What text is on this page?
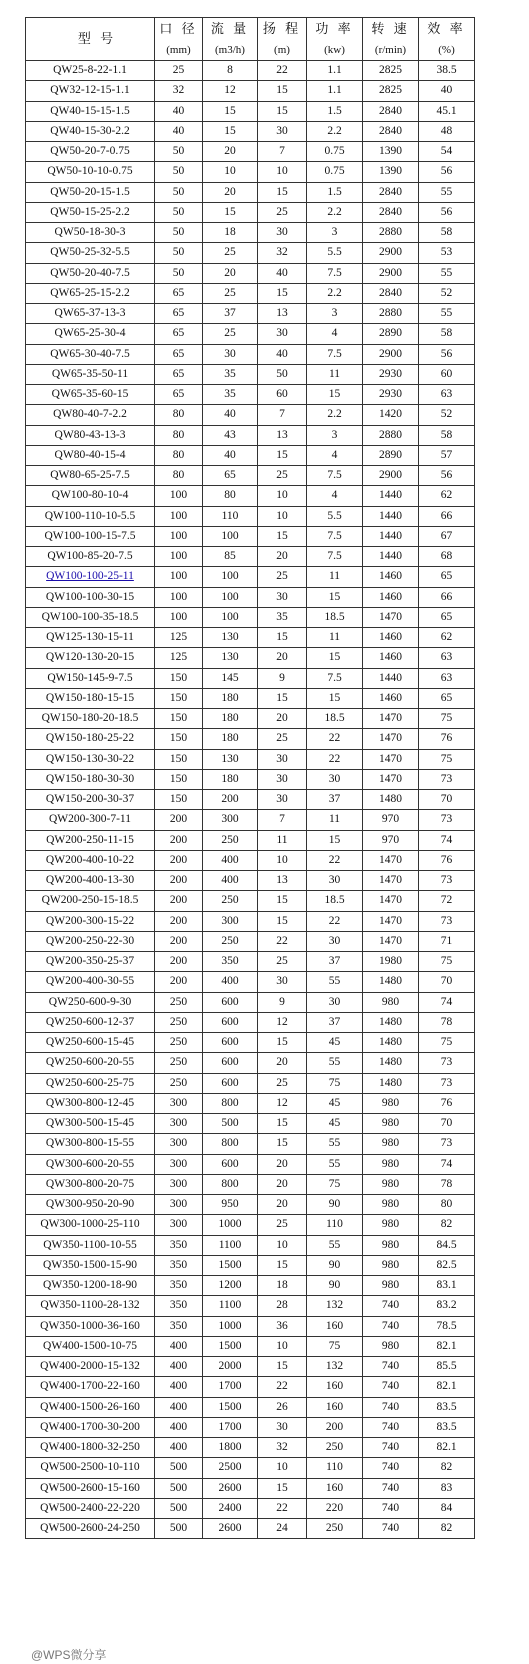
型 号	口 径	流 量	扬 程	功 率	转 速	效 率
	(mm)	(m3/h)	(m)	(kw)	(r/min)	(%)
QW25-8-22-1.1	25	8	22	1.1	2825	38.5
QW32-12-15-1.1	32	12	15	1.1	2825	40
QW40-15-15-1.5	40	15	15	1.5	2840	45.1
QW40-15-30-2.2	40	15	30	2.2	2840	48
QW50-20-7-0.75	50	20	7	0.75	1390	54
QW50-10-10-0.75	50	10	10	0.75	1390	56
QW50-20-15-1.5	50	20	15	1.5	2840	55
QW50-15-25-2.2	50	15	25	2.2	2840	56
QW50-18-30-3	50	18	30	3	2880	58
QW50-25-32-5.5	50	25	32	5.5	2900	53
QW50-20-40-7.5	50	20	40	7.5	2900	55
QW65-25-15-2.2	65	25	15	2.2	2840	52
QW65-37-13-3	65	37	13	3	2880	55
QW65-25-30-4	65	25	30	4	2890	58
QW65-30-40-7.5	65	30	40	7.5	2900	56
QW65-35-50-11	65	35	50	11	2930	60
QW65-35-60-15	65	35	60	15	2930	63
QW80-40-7-2.2	80	40	7	2.2	1420	52
QW80-43-13-3	80	43	13	3	2880	58
QW80-40-15-4	80	40	15	4	2890	57
QW80-65-25-7.5	80	65	25	7.5	2900	56
QW100-80-10-4	100	80	10	4	1440	62
QW100-110-10-5.5	100	110	10	5.5	1440	66
QW100-100-15-7.5	100	100	15	7.5	1440	67
QW100-85-20-7.5	100	85	20	7.5	1440	68
QW100-100-25-11	100	100	25	11	1460	65
QW100-100-30-15	100	100	30	15	1460	66
QW100-100-35-18.5	100	100	35	18.5	1470	65
QW125-130-15-11	125	130	15	11	1460	62
QW120-130-20-15	125	130	20	15	1460	63
QW150-145-9-7.5	150	145	9	7.5	1440	63
QW150-180-15-15	150	180	15	15	1460	65
QW150-180-20-18.5	150	180	20	18.5	1470	75
QW150-180-25-22	150	180	25	22	1470	76
QW150-130-30-22	150	130	30	22	1470	75
QW150-180-30-30	150	180	30	30	1470	73
QW150-200-30-37	150	200	30	37	1480	70
QW200-300-7-11	200	300	7	11	970	73
QW200-250-11-15	200	250	11	15	970	74
QW200-400-10-22	200	400	10	22	1470	76
QW200-400-13-30	200	400	13	30	1470	73
QW200-250-15-18.5	200	250	15	18.5	1470	72
QW200-300-15-22	200	300	15	22	1470	73
QW200-250-22-30	200	250	22	30	1470	71
QW200-350-25-37	200	350	25	37	1980	75
QW200-400-30-55	200	400	30	55	1480	70
QW250-600-9-30	250	600	9	30	980	74
QW250-600-12-37	250	600	12	37	1480	78
QW250-600-15-45	250	600	15	45	1480	75
QW250-600-20-55	250	600	20	55	1480	73
QW250-600-25-75	250	600	25	75	1480	73
QW300-800-12-45	300	800	12	45	980	76
QW300-500-15-45	300	500	15	45	980	70
QW300-800-15-55	300	800	15	55	980	73
QW300-600-20-55	300	600	20	55	980	74
QW300-800-20-75	300	800	20	75	980	78
QW300-950-20-90	300	950	20	90	980	80
QW300-1000-25-110	300	1000	25	110	980	82
QW350-1100-10-55	350	1100	10	55	980	84.5
QW350-1500-15-90	350	1500	15	90	980	82.5
QW350-1200-18-90	350	1200	18	90	980	83.1
QW350-1100-28-132	350	1100	28	132	740	83.2
QW350-1000-36-160	350	1000	36	160	740	78.5
QW400-1500-10-75	400	1500	10	75	980	82.1
QW400-2000-15-132	400	2000	15	132	740	85.5
QW400-1700-22-160	400	1700	22	160	740	82.1
QW400-1500-26-160	400	1500	26	160	740	83.5
QW400-1700-30-200	400	1700	30	200	740	83.5
QW400-1800-32-250	400	1800	32	250	740	82.1
QW500-2500-10-110	500	2500	10	110	740	82
QW500-2600-15-160	500	2600	15	160	740	83
QW500-2400-22-220	500	2400	22	220	740	84
QW500-2600-24-250	500	2600	24	250	740	82
@WPS微分享
